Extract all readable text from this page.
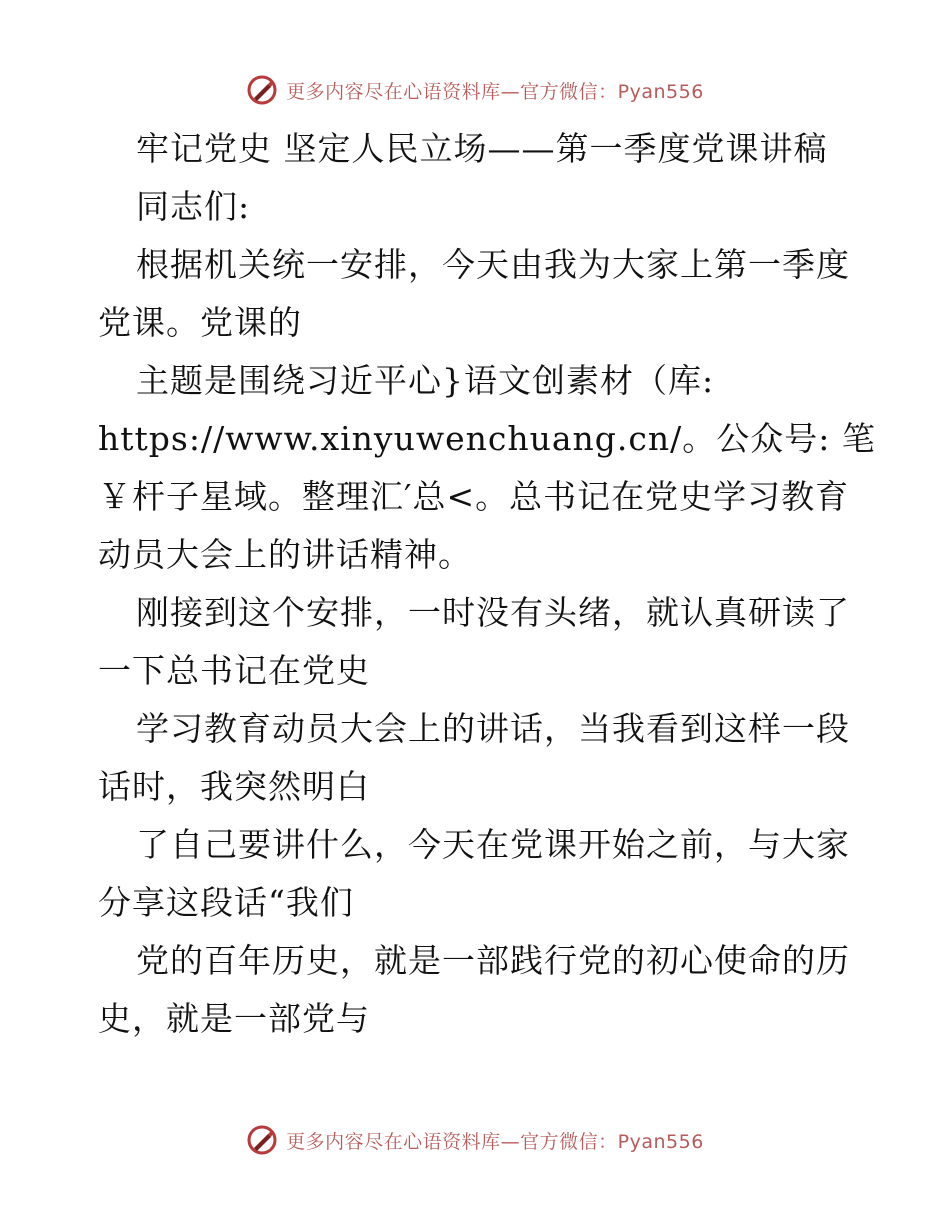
更多内容尽在心语资料库—官方微信：Pyan556
牢记党史 坚定人民立场——第一季度党课讲稿
同志们:
根据机关统一安排，今天由我为大家上第一季度
党课。党课的
主题是围绕习近平心}语文创素材（库:
https://www.xinyuwenchuang.cn/。公众号: 笔
￥杆子星域。整理汇′总<。总书记在党史学习教育
动员大会上的讲话精神。
刚接到这个安排，一时没有头绪，就认真研读了
一下总书记在党史
学习教育动员大会上的讲话，当我看到这样一段
话时，我突然明白
了自己要讲什么，今天在党课开始之前，与大家
分享这段话“我们
党的百年历史，就是一部践行党的初心使命的历
史，就是一部党与
更多内容尽在心语资料库—官方微信：Pyan556
